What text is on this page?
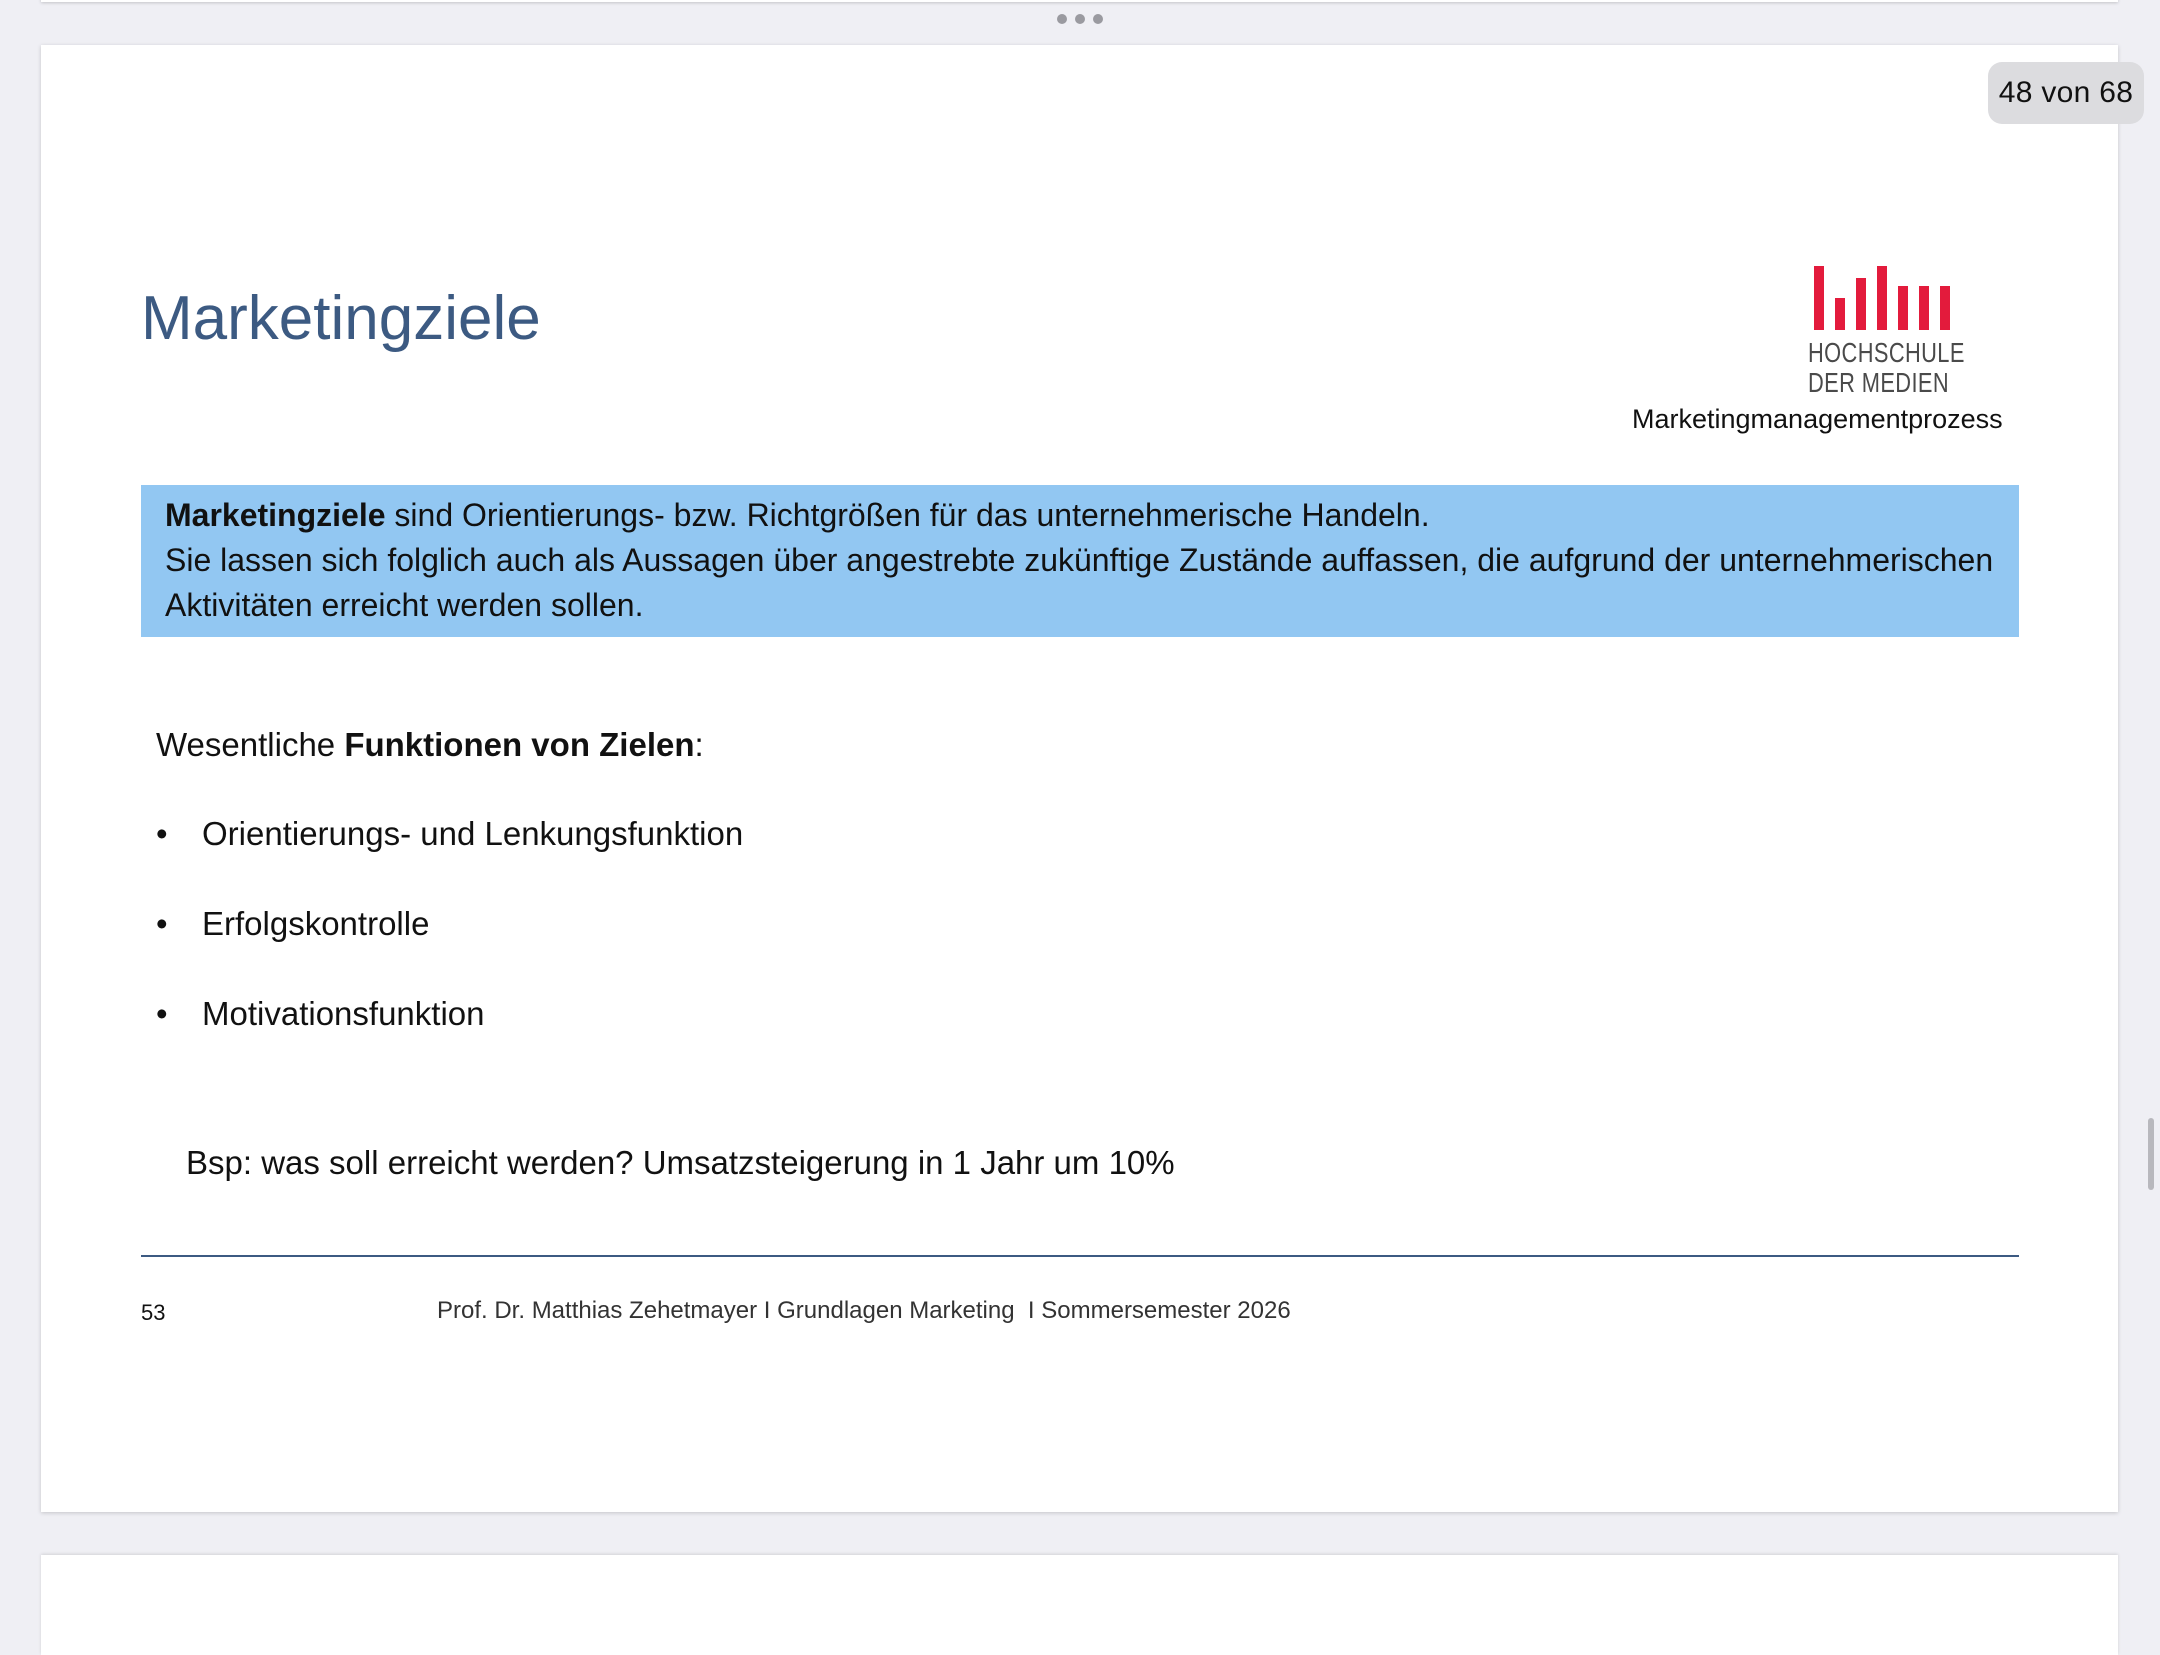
48 von 68
Marketingziele	HOCHSCHULE
DER MEDIEN
Marketingmanagementprozess

Marketingziele sind Orientierungs- bzw. Richtgrößen für das unternehmerische Handeln.

Sie lassen sich folglich auch als Aussagen über angestrebte zukünftige Zustände auffassen, die aufgrund der unternehmerischen Aktivitäten erreicht werden sollen.

Wesentliche Funktionen von Zielen:

•	Orientierungs- und Lenkungsfunktion
•	Erfolgskontrolle
•	Motivationsfunktion

Bsp: was soll erreicht werden? Umsatzsteigerung in 1 Jahr um 10%

53	Prof. Dr. Matthias Zehetmayer I Grundlagen Marketing  I Sommersemester 2026
